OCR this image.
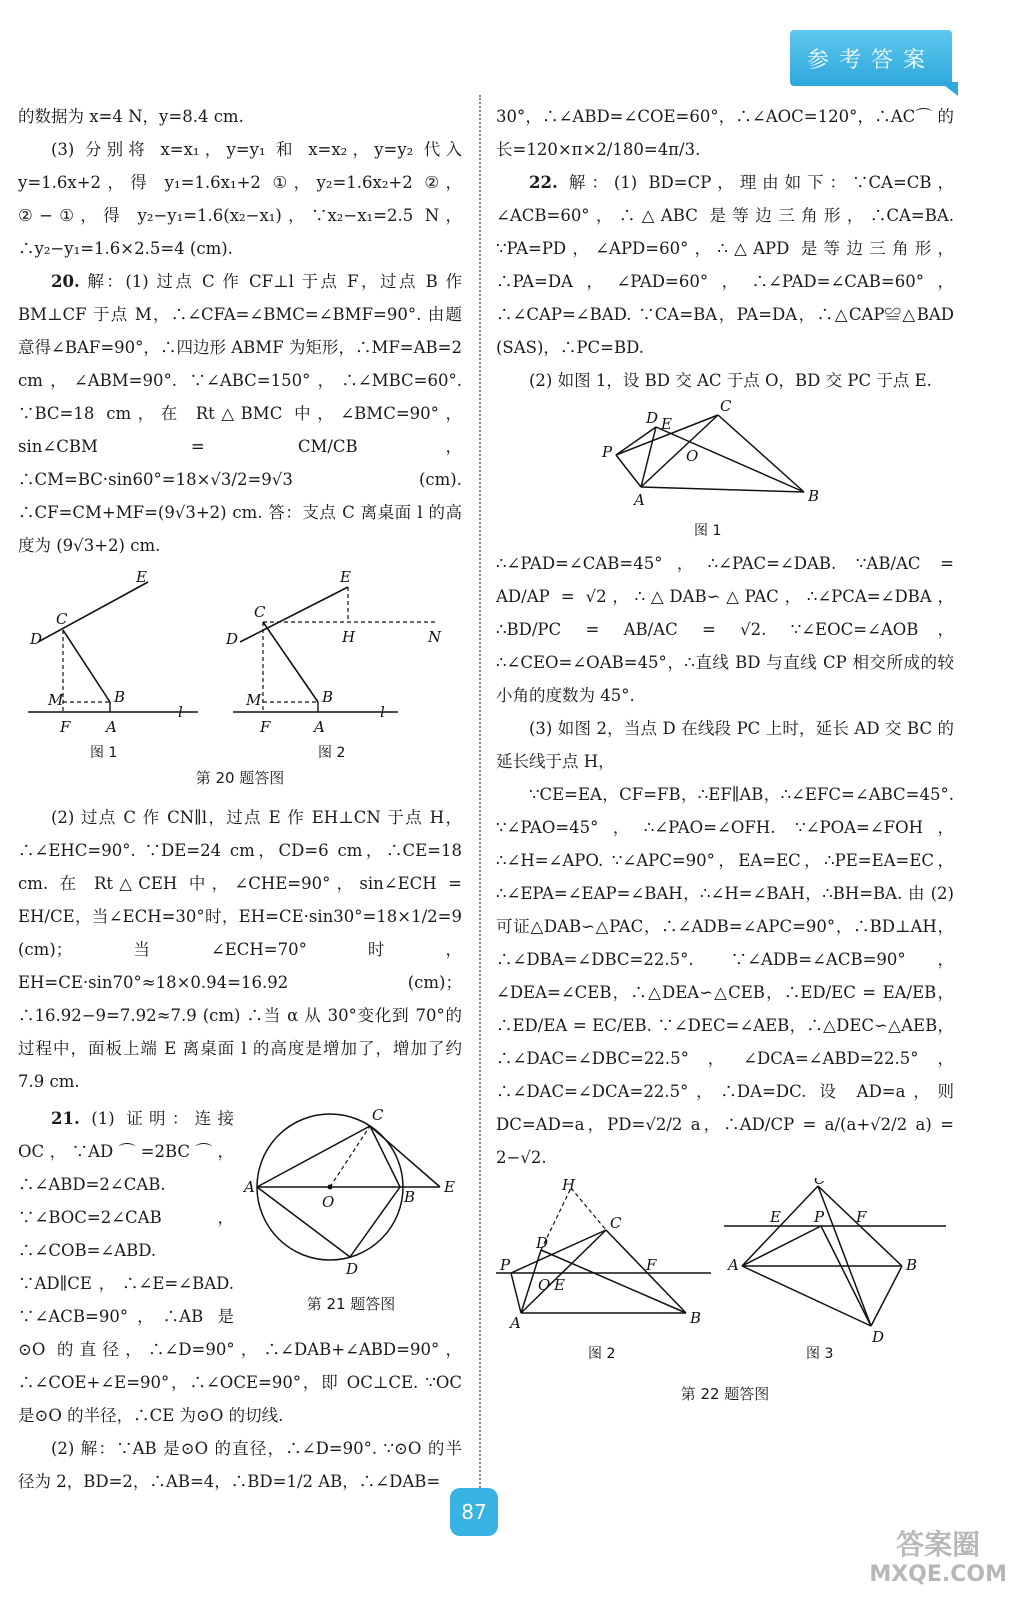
参考答案

的数据为 x=4 N，y=8.4 cm.

(3) 分别将 x=x₁，y=y₁ 和 x=x₂，y=y₂ 代入 y=1.6x+2，得 y₁=1.6x₁+2 ①，y₂=1.6x₂+2 ②，②−①，得 y₂−y₁=1.6(x₂−x₁)，∵x₂−x₁=2.5 N，∴y₂−y₁=1.6×2.5=4 (cm).

20. 解：(1) 过点 C 作 CF⊥l 于点 F，过点 B 作 BM⊥CF 于点 M，∴∠CFA=∠BMC=∠BMF=90°. 由题意得∠BAF=90°，∴四边形 ABMF 为矩形，∴MF=AB=2 cm，∠ABM=90°. ∵∠ABC=150°，∴∠MBC=60°. ∵BC=18 cm，在 Rt△BMC 中，∠BMC=90°，sin∠CBM = CM/CB，∴CM=BC·sin60°=18×√3/2=9√3 (cm). ∴CF=CM+MF=(9√3+2) cm. 答：支点 C 离桌面 l 的高度为 (9√3+2) cm.

D
C
E
M	B
F A
l
图 1
D
C
E
H	N
M	B
F	A
l
图 2
第 20 题答图

(2) 过点 C 作 CN∥l，过点 E 作 EH⊥CN 于点 H，∴∠EHC=90°. ∵DE=24 cm，CD=6 cm，∴CE=18 cm. 在 Rt△CEH 中，∠CHE=90°，sin∠ECH = EH/CE，当∠ECH=30°时，EH=CE·sin30°=18×1/2=9 (cm)；当∠ECH=70°时，EH=CE·sin70°≈18×0.94=16.92 (cm)；∴16.92−9=7.92≈7.9 (cm) ∴当 α 从 30°变化到 70°的过程中，面板上端 E 离桌面 l 的高度是增加了，增加了约 7.9 cm.

A
C
B
E
O
D
第 21 题答图

21. (1) 证明：连接 OC，∵AD⌒=2BC⌒，∴∠ABD=2∠CAB. ∵∠BOC=2∠CAB，∴∠COB=∠ABD. ∵AD∥CE，∴∠E=∠BAD. ∵∠ACB=90°，∴AB 是⊙O 的直径，∴∠D=90°，∴∠DAB+∠ABD=90°，∴∠COE+∠E=90°，∴∠OCE=90°，即 OC⊥CE. ∵OC 是⊙O 的半径，∴CE 为⊙O 的切线.

(2) 解：∵AB 是⊙O 的直径，∴∠D=90°. ∵⊙O 的半径为 2，BD=2，∴AB=4，∴BD=1/2 AB，∴∠DAB=

30°，∴∠ABD=∠COE=60°，∴∠AOC=120°，∴AC⌒ 的长=120×π×2/180=4π/3.

22. 解：(1) BD=CP，理由如下：∵CA=CB，∠ACB=60°，∴△ABC 是等边三角形，∴CA=BA. ∵PA=PD，∠APD=60°，∴△APD 是等边三角形，∴PA=DA，∠PAD=60°，∴∠PAD=∠CAB=60°，∴∠CAP=∠BAD. ∵CA=BA，PA=DA，∴△CAP≌△BAD (SAS)，∴PC=BD.

(2) 如图 1，设 BD 交 AC 于点 O，BD 交 PC 于点 E.

P
D E
C
O
A	B
图 1

∴∠PAD=∠CAB=45°，∴∠PAC=∠DAB. ∵AB/AC = AD/AP = √2，∴△DAB∽△PAC，∴∠PCA=∠DBA，∴BD/PC = AB/AC = √2. ∵∠EOC=∠AOB，∴∠CEO=∠OAB=45°，∴直线 BD 与直线 CP 相交所成的较小角的度数为 45°.

(3) 如图 2，当点 D 在线段 PC 上时，延长 AD 交 BC 的延长线于点 H，

∵CE=EA，CF=FB，∴EF∥AB，∴∠EFC=∠ABC=45°. ∵∠PAO=45°，∴∠PAO=∠OFH. ∵∠POA=∠FOH，∴∠H=∠APO. ∵∠APC=90°，EA=EC，∴PE=EA=EC，∴∠EPA=∠EAP=∠BAH，∴∠H=∠BAH，∴BH=BA. 由 (2) 可证△DAB∽△PAC，∴∠ADB=∠APC=90°，∴BD⊥AH，∴∠DBA=∠DBC=22.5°. ∵∠ADB=∠ACB=90°，∠DEA=∠CEB，∴△DEA∽△CEB，∴ED/EC = EA/EB，∴ED/EA = EC/EB. ∵∠DEC=∠AEB，∴△DEC∽△AEB，∴∠DAC=∠DBC=22.5°，∠DCA=∠ABD=22.5°，∴∠DAC=∠DCA=22.5°，∴DA=DC. 设 AD=a，则 DC=AD=a，PD=√2/2 a，∴AD/CP = a/(a+√2/2 a) = 2−√2.

H
C
D
P	F
O E
A	B
图 2
C
E P F
A	B
D
图 3
第 22 题答图
87
答案圈
MXQE.COM
